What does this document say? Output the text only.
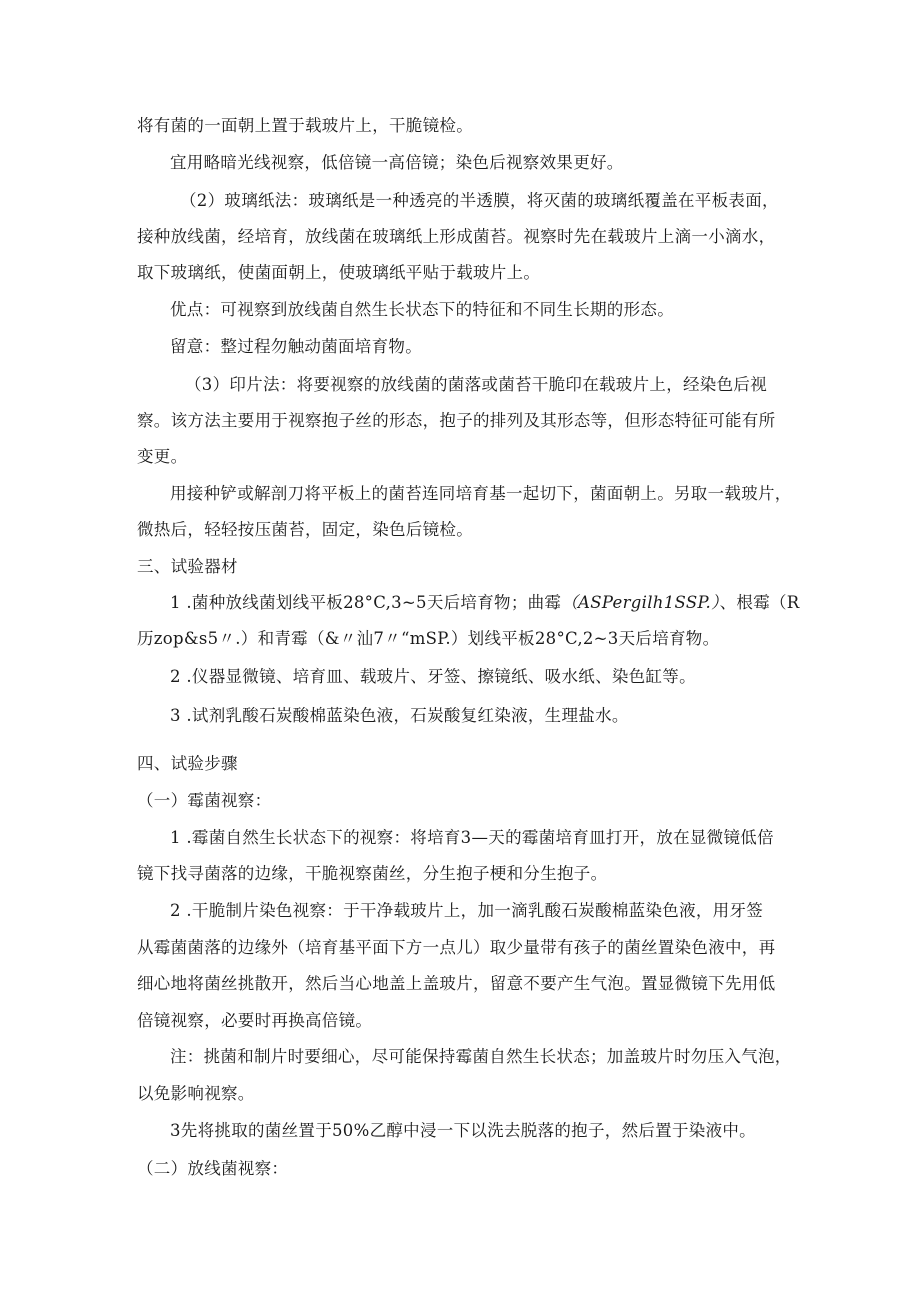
将有菌的一面朝上置于载玻片上，干脆镜检。
宜用略暗光线视察，低倍镜一高倍镜；染色后视察效果更好。
（2）玻璃纸法：玻璃纸是一种透亮的半透膜，将灭菌的玻璃纸覆盖在平板表面，
接种放线菌，经培育，放线菌在玻璃纸上形成菌苔。视察时先在载玻片上滴一小滴水，
取下玻璃纸，使菌面朝上，使玻璃纸平贴于载玻片上。
优点：可视察到放线菌自然生长状态下的特征和不同生长期的形态。
留意：整过程勿触动菌面培育物。
（3）印片法：将要视察的放线菌的菌落或菌苔干脆印在载玻片上，经染色后视
察。该方法主要用于视察抱子丝的形态，抱子的排列及其形态等，但形态特征可能有所
变更。
用接种铲或解剖刀将平板上的菌苔连同培育基一起切下，菌面朝上。另取一载玻片，
微热后，轻轻按压菌苔，固定，染色后镜检。
三、试验器材
1 .菌种放线菌划线平板28°C,3~5天后培育物；曲霉（ASPergilh1SSP.）、根霉（R
历zop&s5〃.）和青霉（&〃汕7〃“mSP.）划线平板28°C,2~3天后培育物。
2 .仪器显微镜、培育皿、载玻片、牙签、擦镜纸、吸水纸、染色缸等。
3 .试剂乳酸石炭酸棉蓝染色液，石炭酸复红染液，生理盐水。
四、试验步骤
（一）霉菌视察：
1 .霉菌自然生长状态下的视察：将培育3—天的霉菌培育皿打开，放在显微镜低倍
镜下找寻菌落的边缘，干脆视察菌丝，分生抱子梗和分生抱子。
2 .干脆制片染色视察：于干净载玻片上，加一滴乳酸石炭酸棉蓝染色液，用牙签
从霉菌菌落的边缘外（培育基平面下方一点儿）取少量带有孩子的菌丝置染色液中，再
细心地将菌丝挑散开，然后当心地盖上盖玻片，留意不要产生气泡。置显微镜下先用低
倍镜视察，必要时再换高倍镜。
注：挑菌和制片时要细心，尽可能保持霉菌自然生长状态；加盖玻片时勿压入气泡，
以免影响视察。
3先将挑取的菌丝置于50%乙醇中浸一下以洗去脱落的抱子，然后置于染液中。
（二）放线菌视察：
